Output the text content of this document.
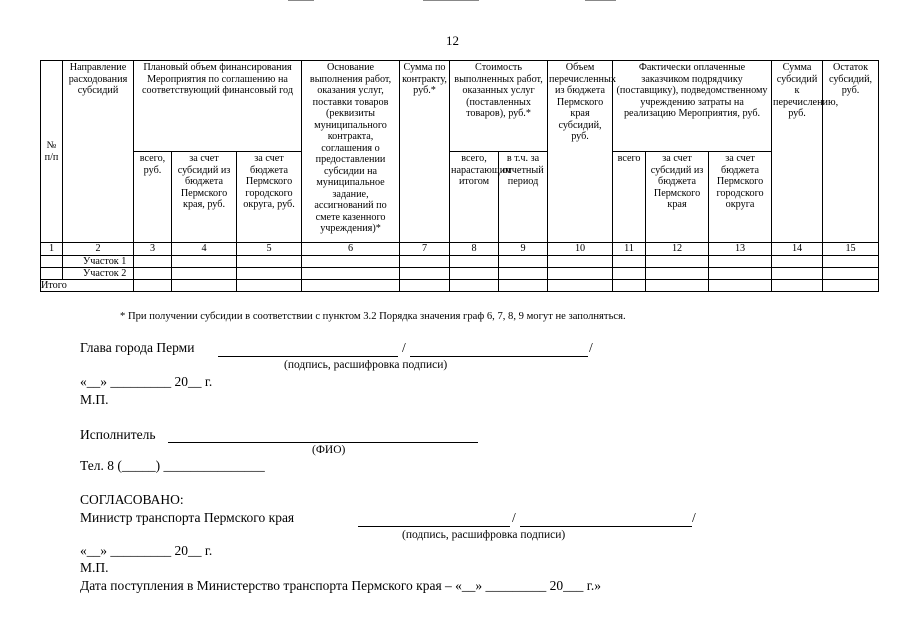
12
№ п/п	Направление расходования субсидий	Плановый объем финансирования Мероприятия по соглашению на соответствующий финансовый год			Основание выполнения работ, оказания услуг, поставки товаров (реквизиты муниципального контракта, соглашения о предоставлении субсидии на муниципальное задание, ассигнований по смете казенного учреждения)*	Сумма по контракту, руб.*	Стоимость выполненных работ, оказанных услуг (поставленных товаров), руб.*		Объем перечисленных из бюджета Пермского края субсидий, руб.	Фактически оплаченные заказчиком подрядчику (поставщику), подведомственному учреждению затраты на реализацию Мероприятия, руб.			Сумма субсидий к перечислению, руб.	Остаток субсидий, руб.
		всего, руб.	за счет субсидий из бюджета Пермского края, руб.	за счет бюджета Пермского городского округа, руб.			всего, нарастающим итогом	в т.ч. за отчетный период		всего	за счет субсидий из бюджета Пермского края	за счет бюджета Пермского городского округа		
1	2	3	4	5	6	7	8	9	10	11	12	13	14	15
	Участок 1													
	Участок 2													
Итого														
* При получении субсидии в соответствии с пунктом 3.2 Порядка значения граф 6, 7, 8, 9 могут не заполняться.
Глава города Перми	/	/
(подпись, расшифровка подписи)
«__» _________ 20__ г.
М.П.
Исполнитель
(ФИО)
Тел. 8 (_____) _______________
СОГЛАСОВАНО:
Министр транспорта Пермского края	/	/
(подпись, расшифровка подписи)
«__» _________ 20__ г.
М.П.
Дата поступления в Министерство транспорта Пермского края – «__» _________ 20___ г.»
